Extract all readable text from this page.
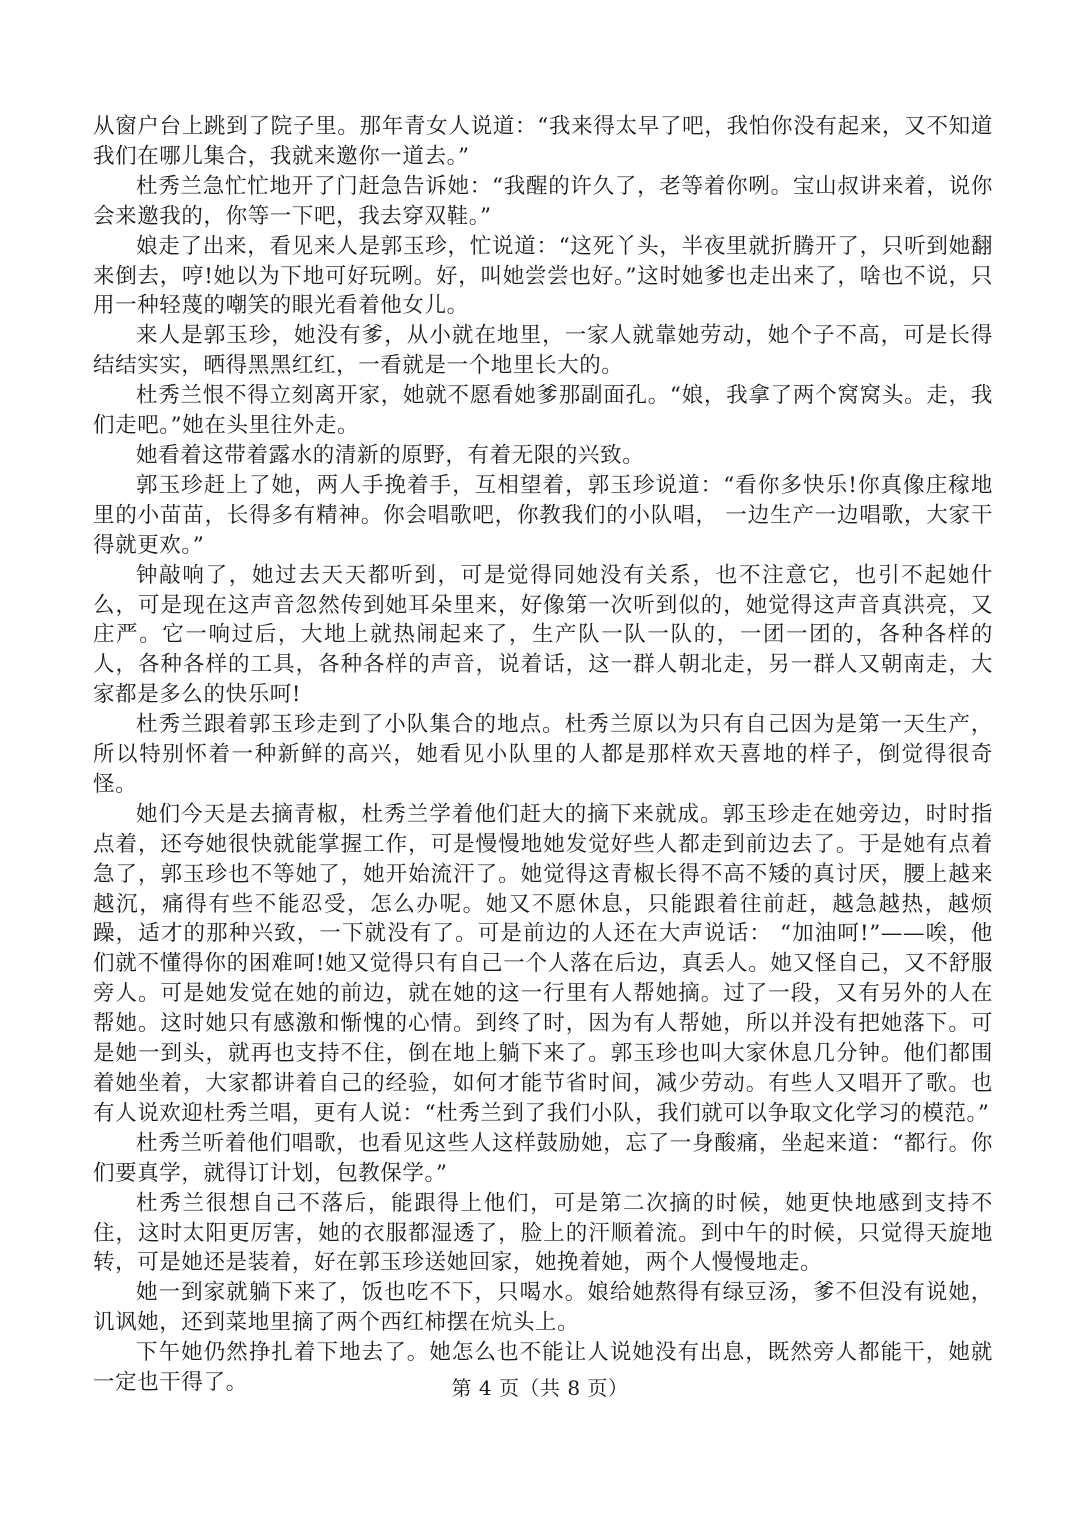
从窗户台上跳到了院子里。那年青女人说道：“我来得太早了吧，我怕你没有起来，又不知道我们在哪儿集合，我就来邀你一道去。”

杜秀兰急忙忙地开了门赶急告诉她：“我醒的许久了，老等着你咧。宝山叔讲来着，说你会来邀我的，你等一下吧，我去穿双鞋。”

娘走了出来，看见来人是郭玉珍，忙说道：“这死丫头，半夜里就折腾开了，只听到她翻来倒去，哼!她以为下地可好玩咧。好，叫她尝尝也好。”这时她爹也走出来了，啥也不说，只用一种轻蔑的嘲笑的眼光看着他女儿。

来人是郭玉珍，她没有爹，从小就在地里，一家人就靠她劳动，她个子不高，可是长得结结实实，晒得黑黑红红，一看就是一个地里长大的。

杜秀兰恨不得立刻离开家，她就不愿看她爹那副面孔。“娘，我拿了两个窝窝头。走，我们走吧。”她在头里往外走。

她看着这带着露水的清新的原野，有着无限的兴致。

郭玉珍赶上了她，两人手挽着手，互相望着，郭玉珍说道：“看你多快乐!你真像庄稼地里的小苗苗，长得多有精神。你会唱歌吧，你教我们的小队唱， 一边生产一边唱歌，大家干得就更欢。”

钟敲响了，她过去天天都听到，可是觉得同她没有关系，也不注意它，也引不起她什么，可是现在这声音忽然传到她耳朵里来，好像第一次听到似的，她觉得这声音真洪亮，又庄严。它一响过后，大地上就热闹起来了，生产队一队一队的，一团一团的，各种各样的人，各种各样的工具，各种各样的声音，说着话，这一群人朝北走，另一群人又朝南走，大家都是多么的快乐呵!

杜秀兰跟着郭玉珍走到了小队集合的地点。杜秀兰原以为只有自己因为是第一天生产，所以特别怀着一种新鲜的高兴，她看见小队里的人都是那样欢天喜地的样子，倒觉得很奇怪。

她们今天是去摘青椒，杜秀兰学着他们赶大的摘下来就成。郭玉珍走在她旁边，时时指点着，还夸她很快就能掌握工作，可是慢慢地她发觉好些人都走到前边去了。于是她有点着急了，郭玉珍也不等她了，她开始流汗了。她觉得这青椒长得不高不矮的真讨厌，腰上越来越沉，痛得有些不能忍受，怎么办呢。她又不愿休息，只能跟着往前赶，越急越热，越烦躁，适才的那种兴致，一下就没有了。可是前边的人还在大声说话： “加油呵!”——唉，他们就不懂得你的困难呵!她又觉得只有自己一个人落在后边，真丢人。她又怪自己，又不舒服旁人。可是她发觉在她的前边，就在她的这一行里有人帮她摘。过了一段，又有另外的人在帮她。这时她只有感激和惭愧的心情。到终了时，因为有人帮她，所以并没有把她落下。可是她一到头，就再也支持不住，倒在地上躺下来了。郭玉珍也叫大家休息几分钟。他们都围着她坐着，大家都讲着自己的经验，如何才能节省时间，减少劳动。有些人又唱开了歌。也有人说欢迎杜秀兰唱，更有人说：“杜秀兰到了我们小队，我们就可以争取文化学习的模范。”

杜秀兰听着他们唱歌，也看见这些人这样鼓励她，忘了一身酸痛，坐起来道：“都行。你们要真学，就得订计划，包教保学。”

杜秀兰很想自己不落后，能跟得上他们，可是第二次摘的时候，她更快地感到支持不住，这时太阳更厉害，她的衣服都湿透了，脸上的汗顺着流。到中午的时候，只觉得天旋地转，可是她还是装着，好在郭玉珍送她回家，她挽着她，两个人慢慢地走。

她一到家就躺下来了，饭也吃不下，只喝水。娘给她熬得有绿豆汤，爹不但没有说她，讥讽她，还到菜地里摘了两个西红柿摆在炕头上。

下午她仍然挣扎着下地去了。她怎么也不能让人说她没有出息，既然旁人都能干，她就一定也干得了。	第 4 页（共 8 页）
